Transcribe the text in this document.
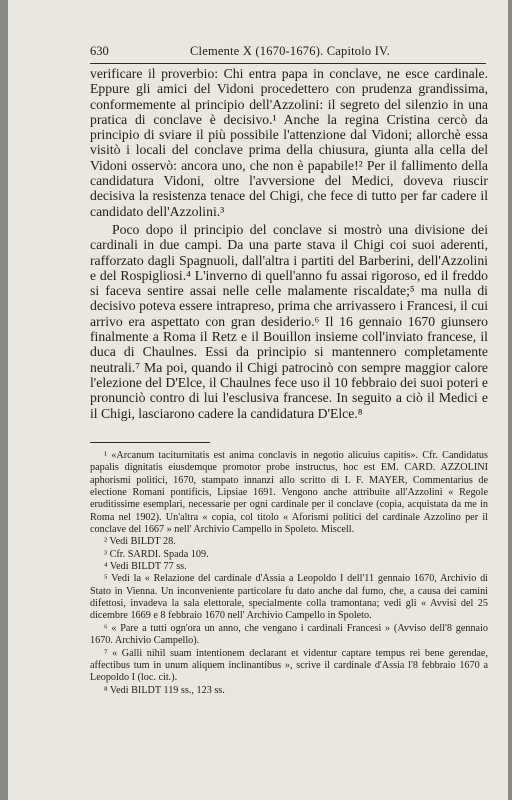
630	Clemente X (1670-1676). Capitolo IV.

verificare il proverbio: Chi entra papa in conclave, ne esce cardinale. Eppure gli amici del Vidoni procedettero con prudenza grandissima, conformemente al principio dell'Azzolini: il segreto del silenzio in una pratica di conclave è decisivo.¹ Anche la regina Cristina cercò da principio di sviare il più possibile l'attenzione dal Vidoni; allorchè essa visitò i locali del conclave prima della chiusura, giunta alla cella del Vidoni osservò: ancora uno, che non è papabile!² Per il fallimento della candidatura Vidoni, oltre l'avversione del Medici, doveva riuscir decisiva la resistenza tenace del Chigi, che fece di tutto per far cadere il candidato dell'Azzolini.³

Poco dopo il principio del conclave si mostrò una divisione dei cardinali in due campi. Da una parte stava il Chigi coi suoi aderenti, rafforzato dagli Spagnuoli, dall'altra i partiti del Barberini, dell'Azzolini e del Rospigliosi.⁴ L'inverno di quell'anno fu assai rigoroso, ed il freddo si faceva sentire assai nelle celle malamente riscaldate;⁵ ma nulla di decisivo poteva essere intrapreso, prima che arrivassero i Francesi, il cui arrivo era aspettato con gran desiderio.⁶ Il 16 gennaio 1670 giunsero finalmente a Roma il Retz e il Bouillon insieme coll'inviato francese, il duca di Chaulnes. Essi da principio si mantennero completamente neutrali.⁷ Ma poi, quando il Chigi patrocinò con sempre maggior calore l'elezione del D'Elce, il Chaulnes fece uso il 10 febbraio dei suoi poteri e pronunciò contro di lui l'esclusiva francese. In seguito a ciò il Medici e il Chigi, lasciarono cadere la candidatura D'Elce.⁸

¹ «Arcanum taciturnitatis est anima conclavis in negotio alicuius capitis». Cfr. Candidatus papalis dignitatis eiusdemque promotor probe instructus, hoc est EM. CARD. AZZOLINI aphorismi politici, 1670, stampato innanzi allo scritto di I. F. MAYER, Commentarius de electione Romani pontificis, Lipsiae 1691. Vengono anche attribuite all'Azzolini « Regole eruditissime esemplari, necessarie per ogni cardinale per il conclave (copia, acquistata da me in Roma nel 1902). Un'altra « copia, col titolo « Aforismi politici del cardinale Azzolino per il conclave del 1667 » nell' Archivio Campello in Spoleto. Miscell.

² Vedi BILDT 28.

³ Cfr. SARDI. Spada 109.

⁴ Vedi BILDT 77 ss.

⁵ Vedi la « Relazione del cardinale d'Assia a Leopoldo I dell'11 gennaio 1670, Archivio di Stato in Vienna. Un inconveniente particolare fu dato anche dal fumo, che, a causa dei camini difettosi, invadeva la sala elettorale, specialmente colla tramontana; vedi gli « Avvisi del 25 dicembre 1669 e 8 febbraio 1670 nell' Archivio Campello in Spoleto.

⁶ « Pare a tutti ogn'ora un anno, che vengano i cardinali Francesi » (Avviso dell'8 gennaio 1670. Archivio Campello).

⁷ « Galli nihil suam intentionem declarant et videntur captare tempus rei bene gerendae, affectibus tum in unum aliquem inclinantibus », scrive il cardinale d'Assia l'8 febbraio 1670 a Leopoldo I (loc. cit.).

⁸ Vedi BILDT 119 ss., 123 ss.
